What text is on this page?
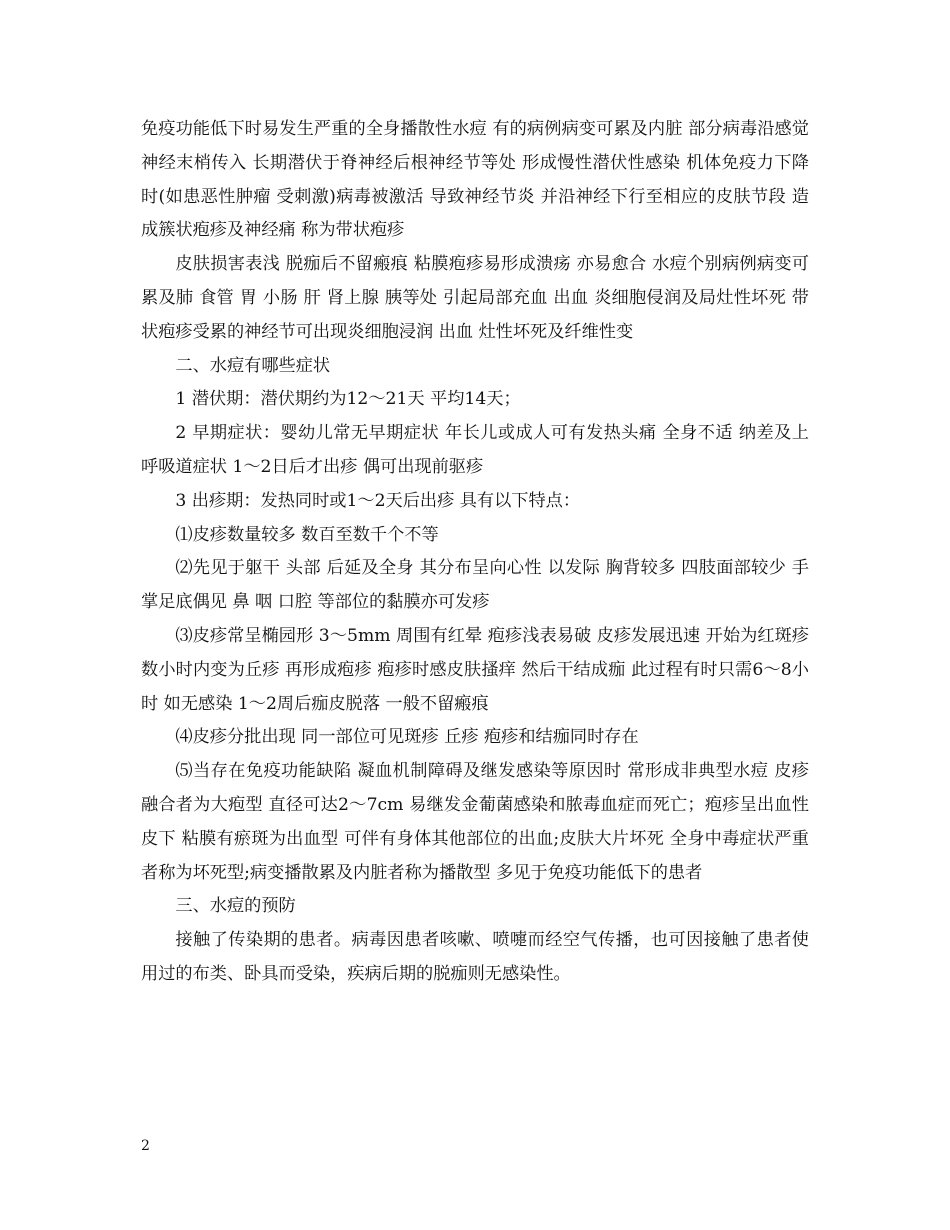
免疫功能低下时易发生严重的全身播散性水痘 有的病例病变可累及内脏 部分病毒沿感觉神经末梢传入 长期潜伏于脊神经后根神经节等处 形成慢性潜伏性感染 机体免疫力下降时(如患恶性肿瘤 受刺激)病毒被激活 导致神经节炎 并沿神经下行至相应的皮肤节段 造成簇状疱疹及神经痛 称为带状疱疹

皮肤损害表浅 脱痂后不留瘢痕 粘膜疱疹易形成溃疡 亦易愈合 水痘个别病例病变可累及肺 食管 胃 小肠 肝 肾上腺 胰等处 引起局部充血 出血 炎细胞侵润及局灶性坏死 带状疱疹受累的神经节可出现炎细胞浸润 出血 灶性坏死及纤维性变

二、水痘有哪些症状

1 潜伏期：潜伏期约为12～21天 平均14天；

2 早期症状：婴幼儿常无早期症状 年长儿或成人可有发热头痛 全身不适 纳差及上呼吸道症状 1～2日后才出疹 偶可出现前驱疹

3 出疹期：发热同时或1～2天后出疹 具有以下特点：

⑴皮疹数量较多 数百至数千个不等

⑵先见于躯干 头部 后延及全身 其分布呈向心性 以发际 胸背较多 四肢面部较少 手掌足底偶见 鼻 咽 口腔 等部位的黏膜亦可发疹

⑶皮疹常呈椭园形 3～5mm 周围有红晕 疱疹浅表易破 皮疹发展迅速 开始为红斑疹 数小时内变为丘疹 再形成疱疹 疱疹时感皮肤搔痒 然后干结成痂 此过程有时只需6～8小时 如无感染 1～2周后痂皮脱落 一般不留瘢痕

⑷皮疹分批出现 同一部位可见斑疹 丘疹 疱疹和结痂同时存在

⑸当存在免疫功能缺陷 凝血机制障碍及继发感染等原因时 常形成非典型水痘 皮疹融合者为大疱型 直径可达2～7cm 易继发金葡菌感染和脓毒血症而死亡；疱疹呈出血性 皮下 粘膜有瘀斑为出血型 可伴有身体其他部位的出血;皮肤大片坏死 全身中毒症状严重者称为坏死型;病变播散累及内脏者称为播散型 多见于免疫功能低下的患者

三、水痘的预防

接触了传染期的患者。病毒因患者咳嗽、喷嚏而经空气传播，也可因接触了患者使用过的布类、卧具而受染，疾病后期的脱痂则无感染性。

2
